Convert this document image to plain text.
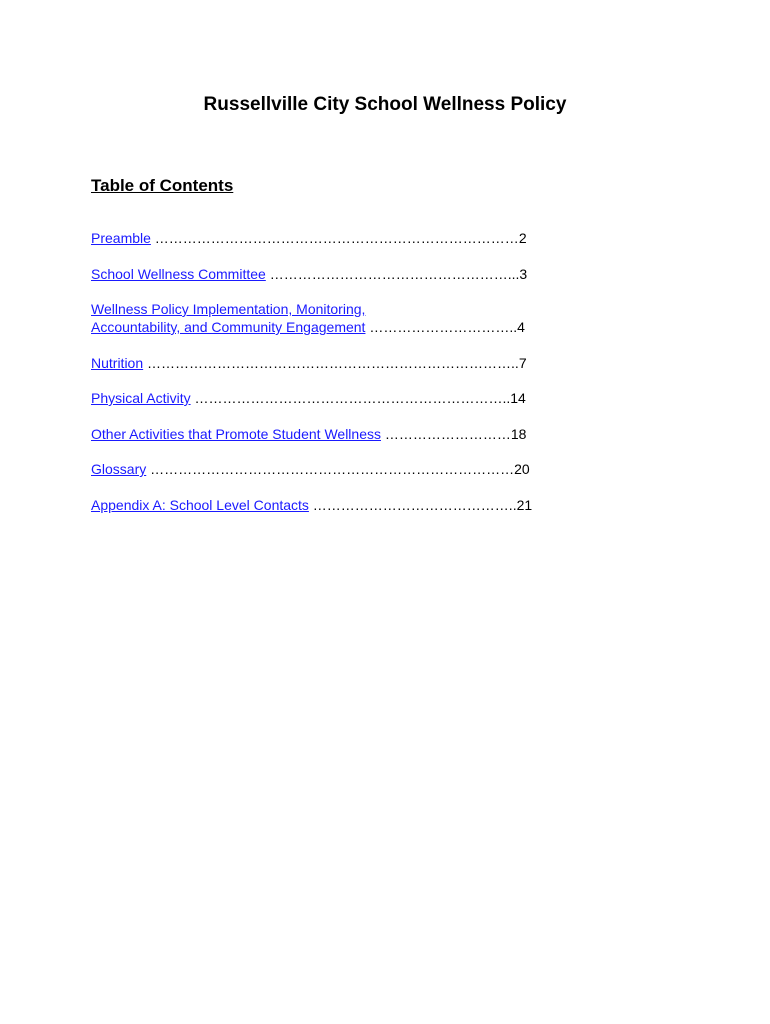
Russellville City School Wellness Policy
Table of Contents
Preamble ……………………………………………………………………2
School Wellness Committee ……………………………………………...3
Wellness Policy Implementation, Monitoring,
Accountability, and Community Engagement …………………………..4
Nutrition ……………………………………………………………………..7
Physical Activity …………………………………………………………..14
Other Activities that Promote Student Wellness ………………………18
Glossary ……………………………………………………………………20
Appendix A: School Level Contacts ……………………………………..21
